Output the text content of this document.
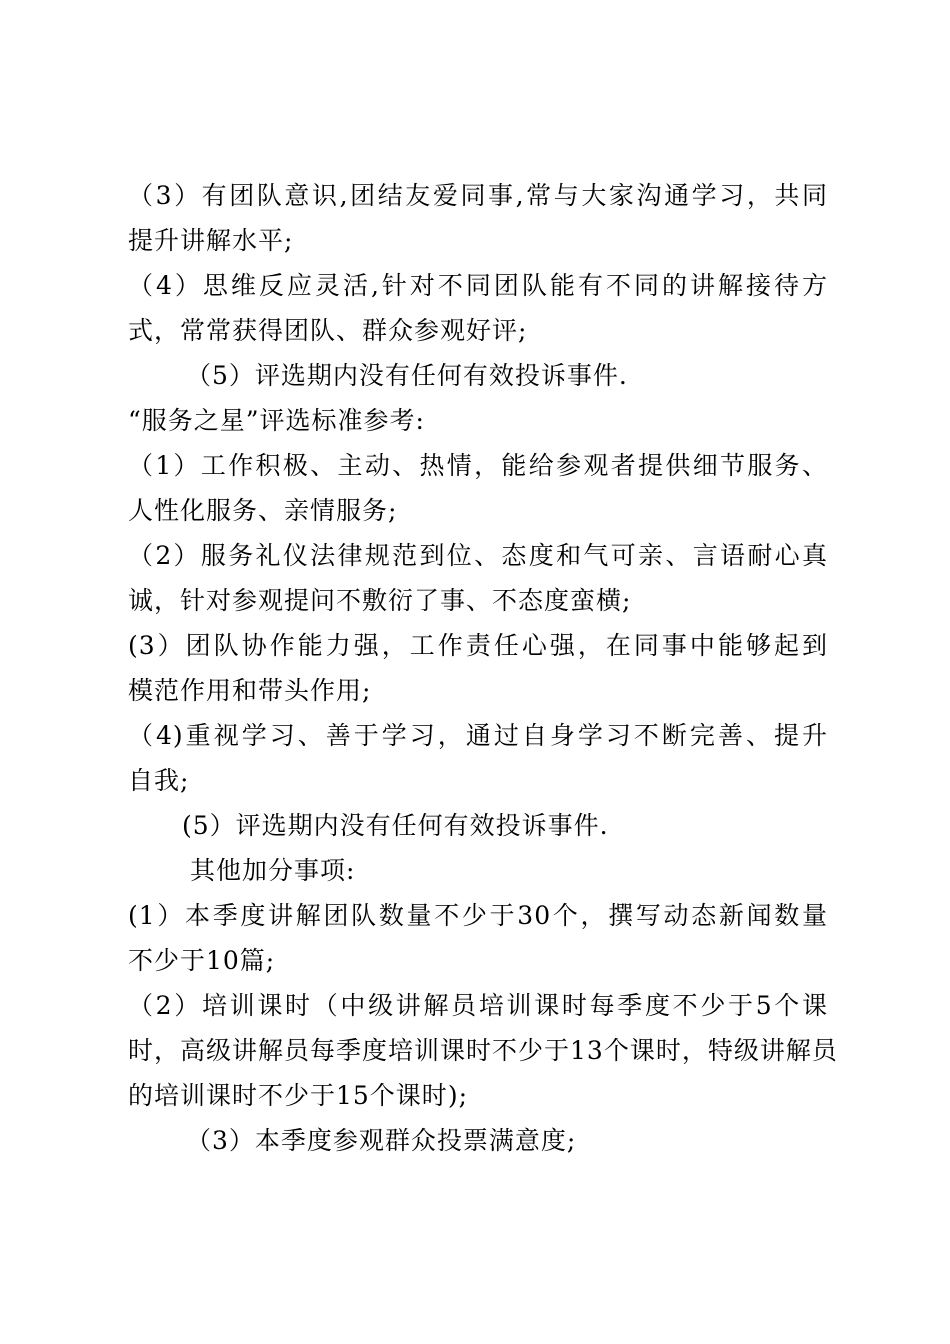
（3）有团队意识,团结友爱同事,常与大家沟通学习，共同
提升讲解水平;
（4）思维反应灵活,针对不同团队能有不同的讲解接待方
式，常常获得团队、群众参观好评;
（5）评选期内没有任何有效投诉事件.
“服务之星”评选标准参考:
（1）工作积极、主动、热情，能给参观者提供细节服务、
人性化服务、亲情服务;
（2）服务礼仪法律规范到位、态度和气可亲、言语耐心真
诚，针对参观提问不敷衍了事、不态度蛮横;
(3）团队协作能力强，工作责任心强，在同事中能够起到
模范作用和带头作用;
（4)重视学习、善于学习，通过自身学习不断完善、提升
自我;
(5）评选期内没有任何有效投诉事件.
其他加分事项:
(1）本季度讲解团队数量不少于30个，撰写动态新闻数量
不少于10篇;
（2）培训课时（中级讲解员培训课时每季度不少于5个课
时，高级讲解员每季度培训课时不少于13个课时，特级讲解员
的培训课时不少于15个课时);
（3）本季度参观群众投票满意度;
